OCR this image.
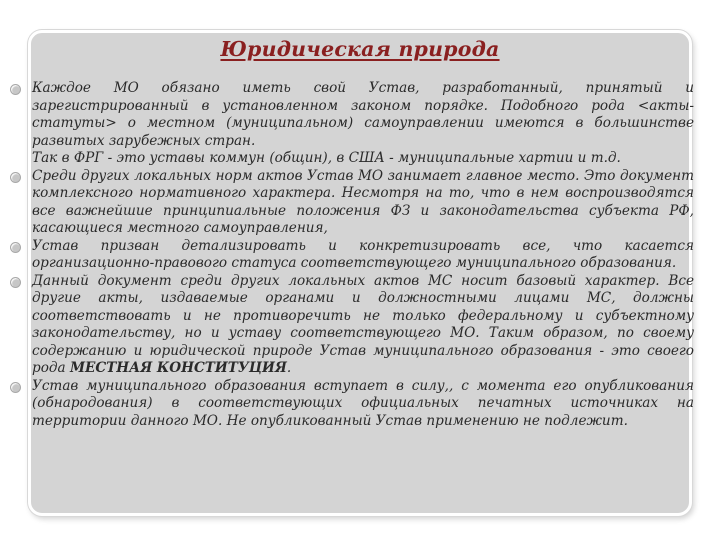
Юридическая природа

Каждое МО обязано иметь свой Устав, разработанный, принятый и зарегистрированный в установленном законом порядке. Подобного рода <акты-статуты> о местном (муниципальном) самоуправлении имеются в большинстве развитых зарубежных стран.

Так в ФРГ - это уставы коммун (общин), в США - муниципальные хартии и т.д.

Среди других локальных норм актов Устав МО занимает главное место. Это документ комплексного нормативного характера. Несмотря на то, что в нем воспроизводятся все важнейшие принципиальные положения ФЗ и законодательства субъекта РФ, касающиеся местного самоуправления,

Устав призван детализировать и конкретизировать все, что касается организационно-правового статуса соответствующего муниципального образования.

Данный документ среди других локальных актов МС носит базовый характер. Все другие акты, издаваемые органами и должностными лицами МС, должны соответствовать и не противоречить не только федеральному и субъектному законодательству, но и уставу соответствующего МО. Таким образом, по своему содержанию и юридической природе Устав муниципального образования - это своего рода МЕСТНАЯ КОНСТИТУЦИЯ.

Устав муниципального образования вступает в силу,, с момента его опубликования (обнародования) в соответствующих официальных печатных источниках на территории данного МО. Не опубликованный Устав применению не подлежит.
